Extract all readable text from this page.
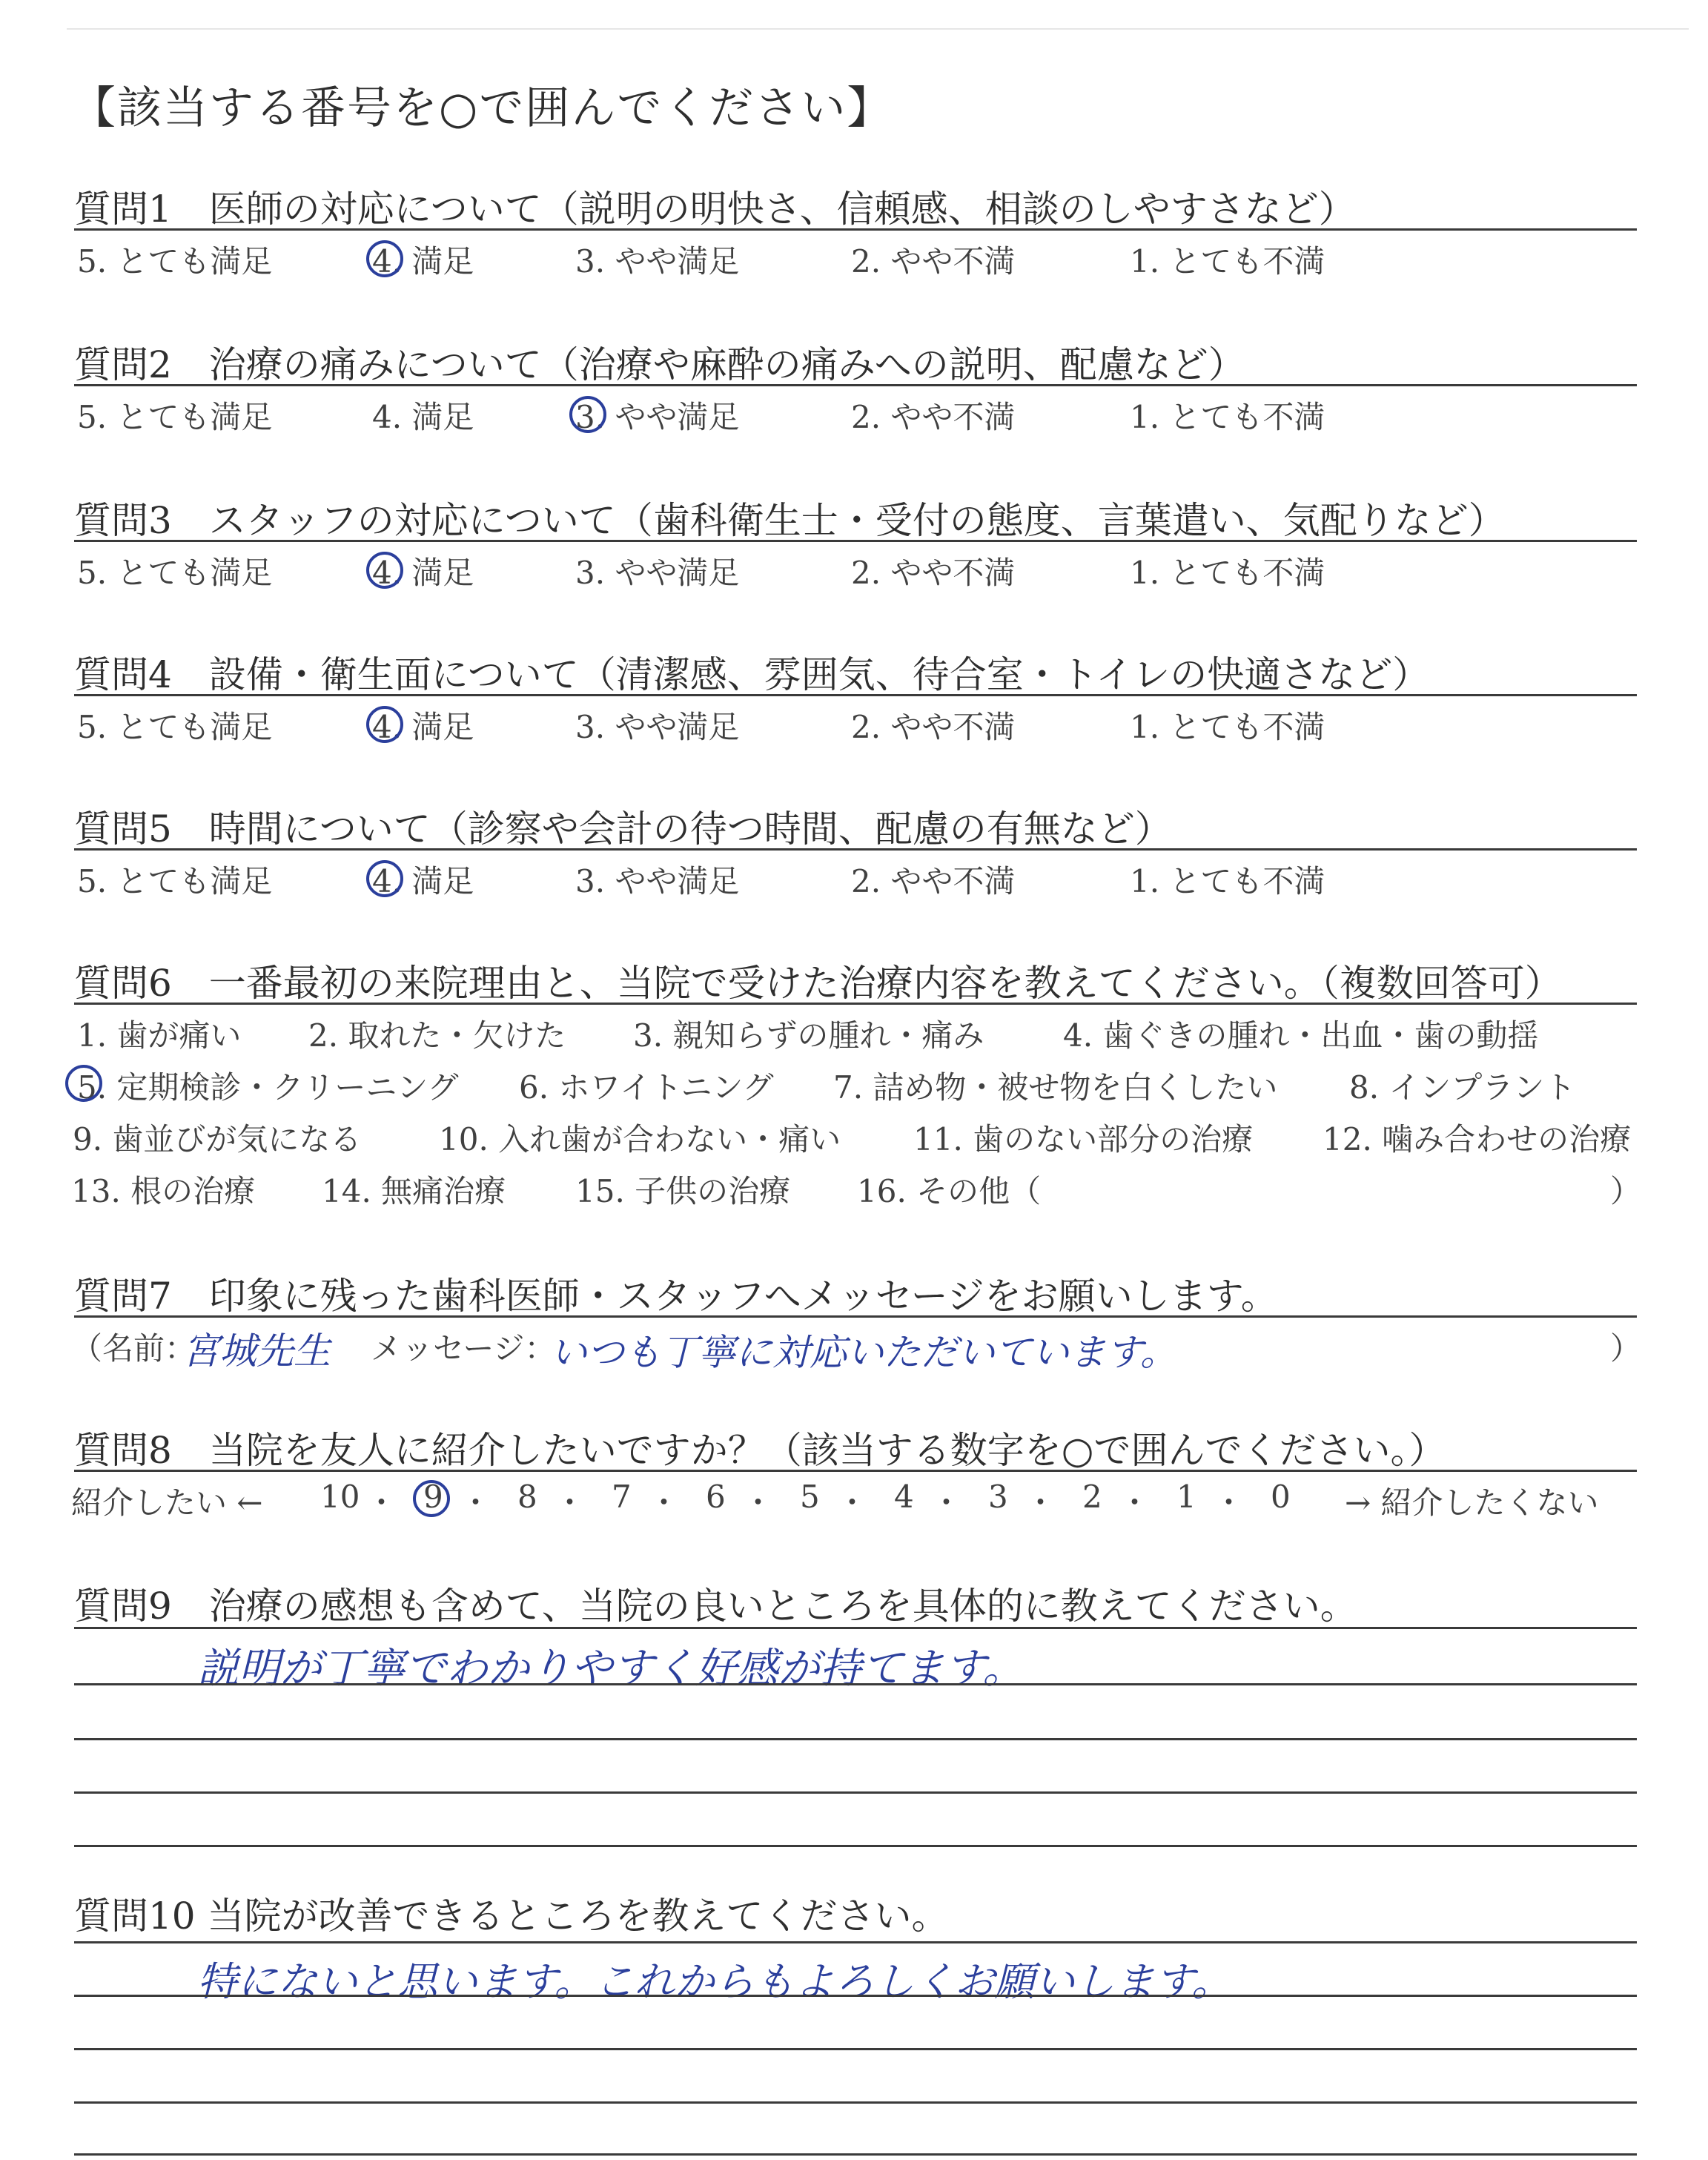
【該当する番号を○で囲んでください】
質問1　医師の対応について（説明の明快さ、信頼感、相談のしやすさなど）
5. とても満足	4. 満足	3. やや満足	2. やや不満	1. とても不満
質問2　治療の痛みについて（治療や麻酔の痛みへの説明、配慮など）
5. とても満足	4. 満足	3. やや満足	2. やや不満	1. とても不満
質問3　スタッフの対応について（歯科衛生士・受付の態度、言葉遣い、気配りなど）
5. とても満足	4. 満足	3. やや満足	2. やや不満	1. とても不満
質問4　設備・衛生面について（清潔感、雰囲気、待合室・トイレの快適さなど）
5. とても満足	4. 満足	3. やや満足	2. やや不満	1. とても不満
質問5　時間について（診察や会計の待つ時間、配慮の有無など）
5. とても満足	4. 満足	3. やや満足	2. やや不満	1. とても不満
質問6　一番最初の来院理由と、当院で受けた治療内容を教えてください。（複数回答可）
1. 歯が痛い 2. 取れた・欠けた 3. 親知らずの腫れ・痛み	4. 歯ぐきの腫れ・出血・歯の動揺
5. 定期検診・クリーニング 6. ホワイトニング 7. 詰め物・被せ物を白くしたい 8. インプラント
9. 歯並びが気になる 10. 入れ歯が合わない・痛い 11. 歯のない部分の治療 12. 噛み合わせの治療
13. 根の治療 14. 無痛治療 15. 子供の治療 16. その他（	）
質問7　印象に残った歯科医師・スタッフへメッセージをお願いします。
（名前：
宮城先生 メッセージ：
いつも丁寧に対応いただいています。	）
質問8　当院を友人に紹介したいですか？（該当する数字を○で囲んでください。）
紹介したい ← 10 ・ 9 ・ 8 ・ 7 ・ 6 ・ 5 ・ 4 ・ 3 ・ 2 ・ 1 ・ 0 → 紹介したくない
質問9　治療の感想も含めて、当院の良いところを具体的に教えてください。
説明が丁寧でわかりやすく好感が持てます。
質問10 当院が改善できるところを教えてください。
特にないと思います。これからもよろしくお願いします。
